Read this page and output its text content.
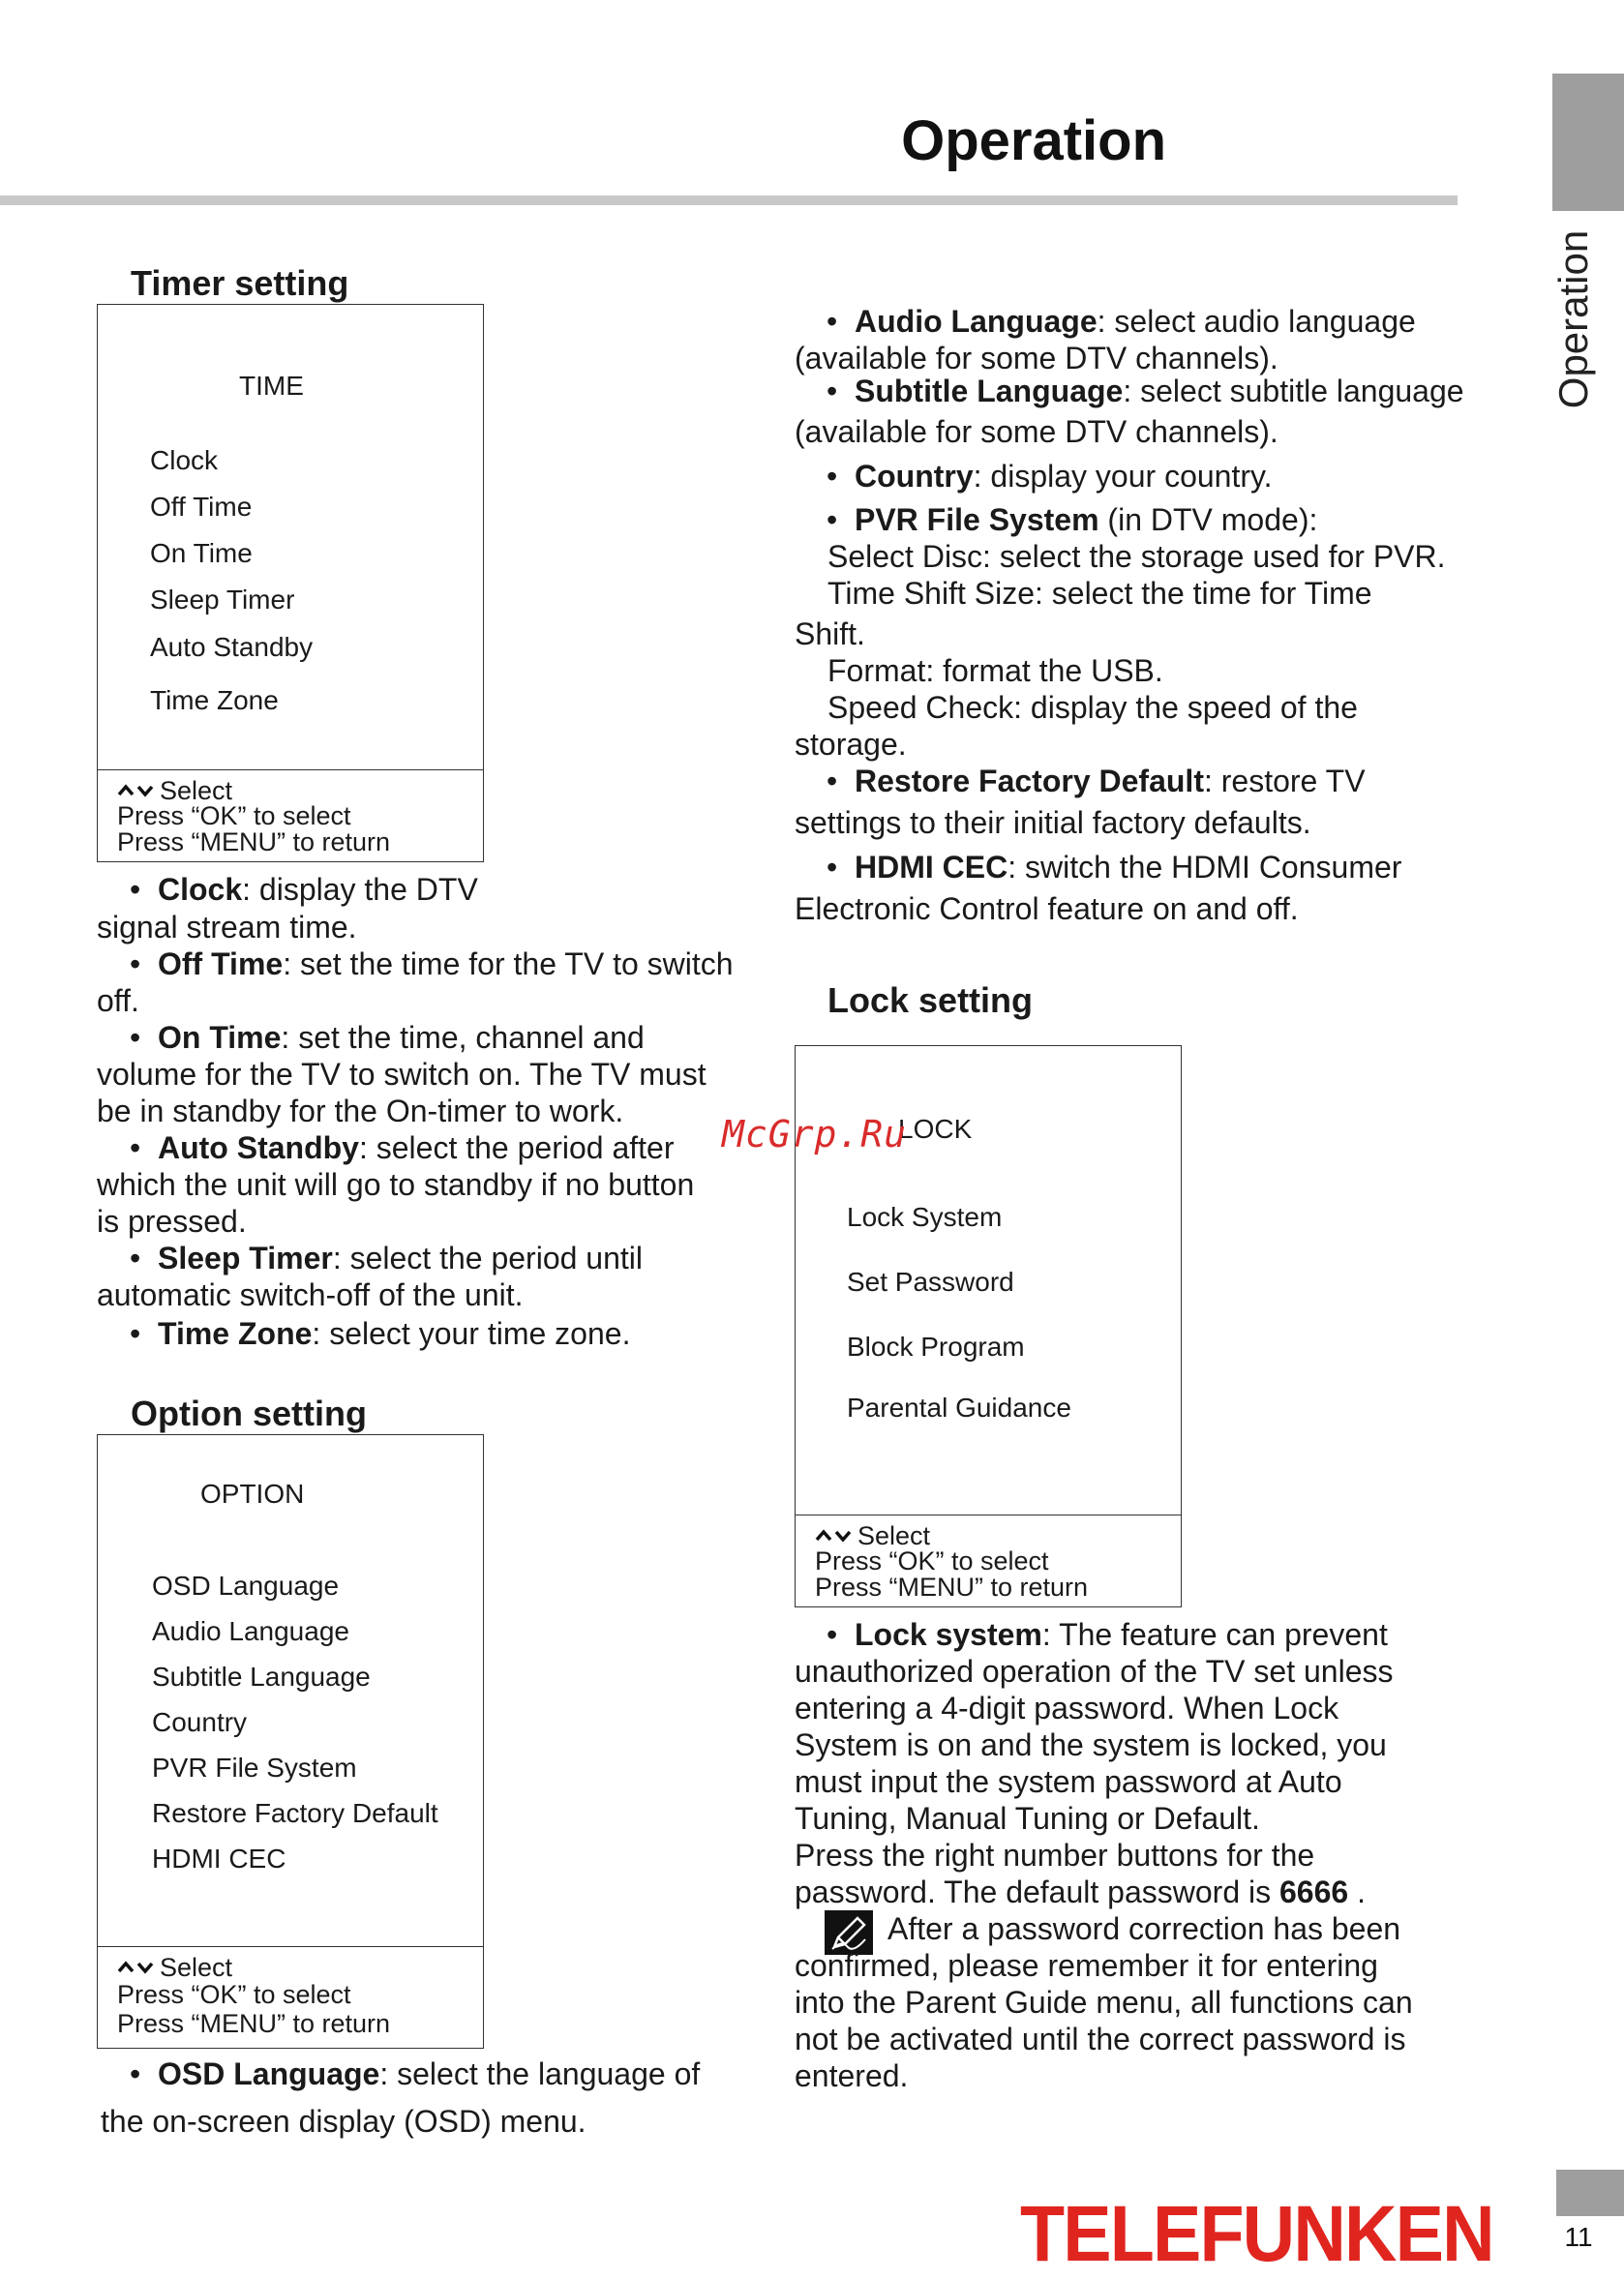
Operation
Operation
Timer setting
TIME
Clock
Off Time
On Time
Sleep Timer
Auto Standby
Time Zone
Select
Press “OK” to select
Press “MENU” to return
•  Clock: display the DTV
signal stream time.
•  Off Time: set the time for the TV to switch
off.
•  On Time: set the time, channel and
volume for the TV to switch on. The TV must
be in standby for the On-timer to work.
•  Auto Standby: select the period after
which the unit will go to standby if no button
is pressed.
•  Sleep Timer: select the period until
automatic switch-off of the unit.
•  Time Zone: select your time zone.
Option setting
OPTION
OSD Language
Audio Language
Subtitle Language
Country
PVR File System
Restore Factory Default
HDMI CEC
Select
Press “OK” to select
Press “MENU” to return
•  OSD Language: select the language of
the on-screen display (OSD) menu.
•  Audio Language: select audio language
(available for some DTV channels).
•  Subtitle Language: select subtitle language
(available for some DTV channels).
•  Country: display your country.
•  PVR File System (in DTV mode):
Select Disc: select the storage used for PVR.
Time Shift Size: select the time for Time
Shift.
Format: format the USB.
Speed Check: display the speed of the
storage.
•  Restore Factory Default: restore TV
settings to their initial factory defaults.
•  HDMI CEC: switch the HDMI Consumer
Electronic Control feature on and off.
Lock setting
LOCK
Lock System
Set Password
Block Program
Parental Guidance
Select
Press “OK” to select
Press “MENU” to return
McGrp.Ru
•  Lock system: The feature can prevent
unauthorized operation of the TV set unless
entering a 4-digit password. When Lock
System is on and the system is locked, you
must input the system password at Auto
Tuning, Manual Tuning or Default.
Press the right number buttons for the
password. The default password is 6666 .
After a password correction has been
confirmed, please remember it for entering
into the Parent Guide menu, all functions can
not be activated until the correct password is
entered.
TELEFUNKEN	11
